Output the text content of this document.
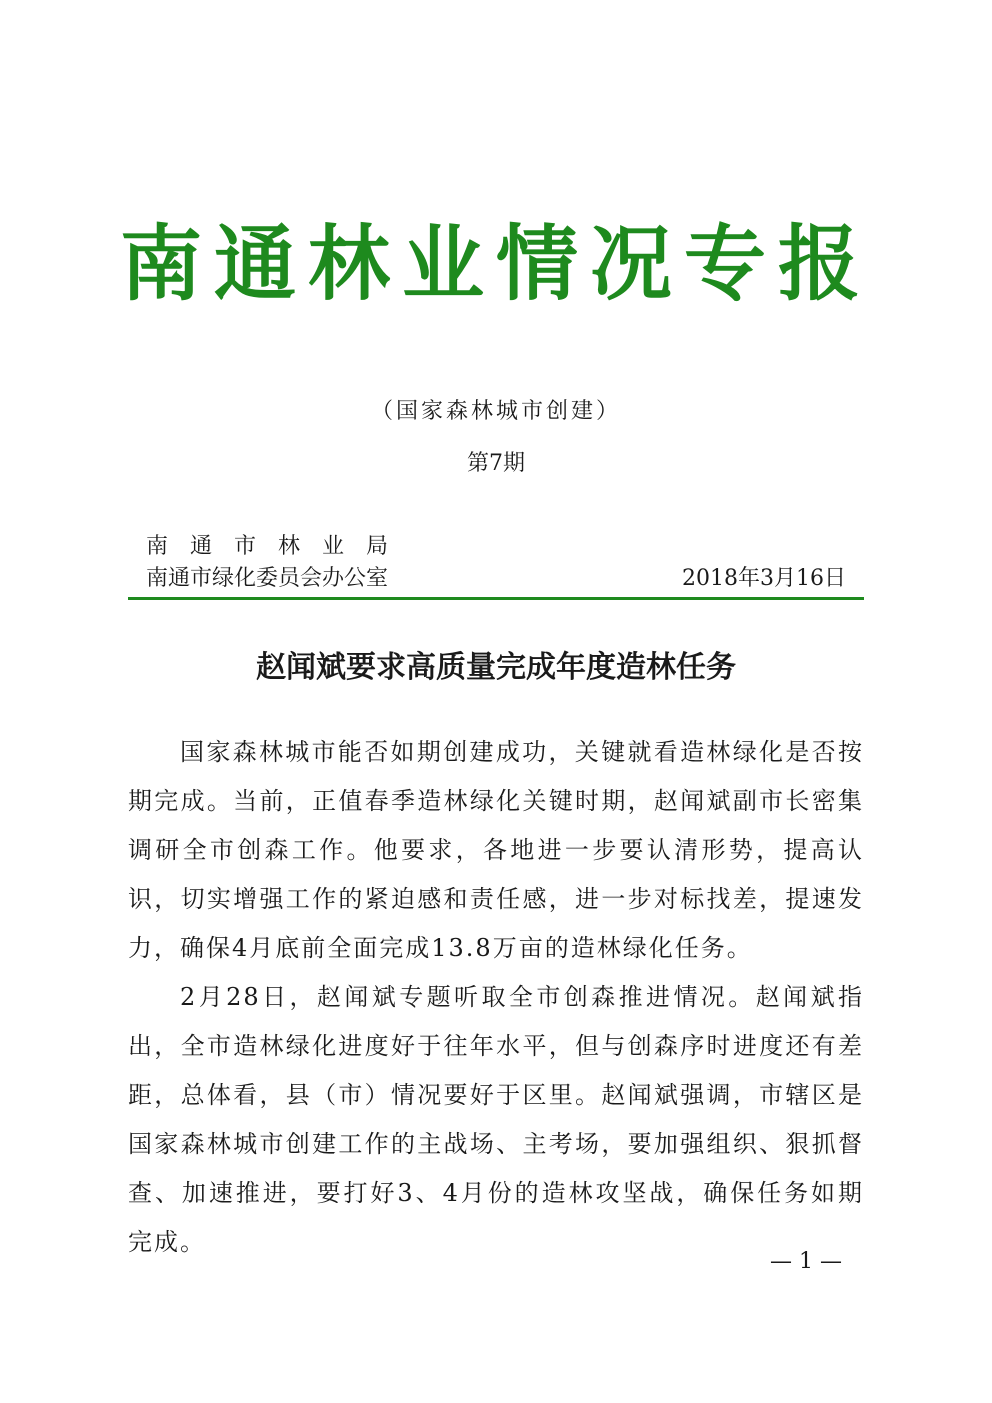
南通林业情况专报
（国家森林城市创建）
第7期
南通市林业局
南通市绿化委员会办公室	2018年3月16日
赵闻斌要求高质量完成年度造林任务

国家森林城市能否如期创建成功，关键就看造林绿化是否按期完成。当前，正值春季造林绿化关键时期，赵闻斌副市长密集调研全市创森工作。他要求，各地进一步要认清形势，提高认识，切实增强工作的紧迫感和责任感，进一步对标找差，提速发力，确保4月底前全面完成13.8万亩的造林绿化任务。

2月28日，赵闻斌专题听取全市创森推进情况。赵闻斌指出，全市造林绿化进度好于往年水平，但与创森序时进度还有差距，总体看，县（市）情况要好于区里。赵闻斌强调，市辖区是国家森林城市创建工作的主战场、主考场，要加强组织、狠抓督查、加速推进，要打好3、4月份的造林攻坚战，确保任务如期完成。

— 1 —
